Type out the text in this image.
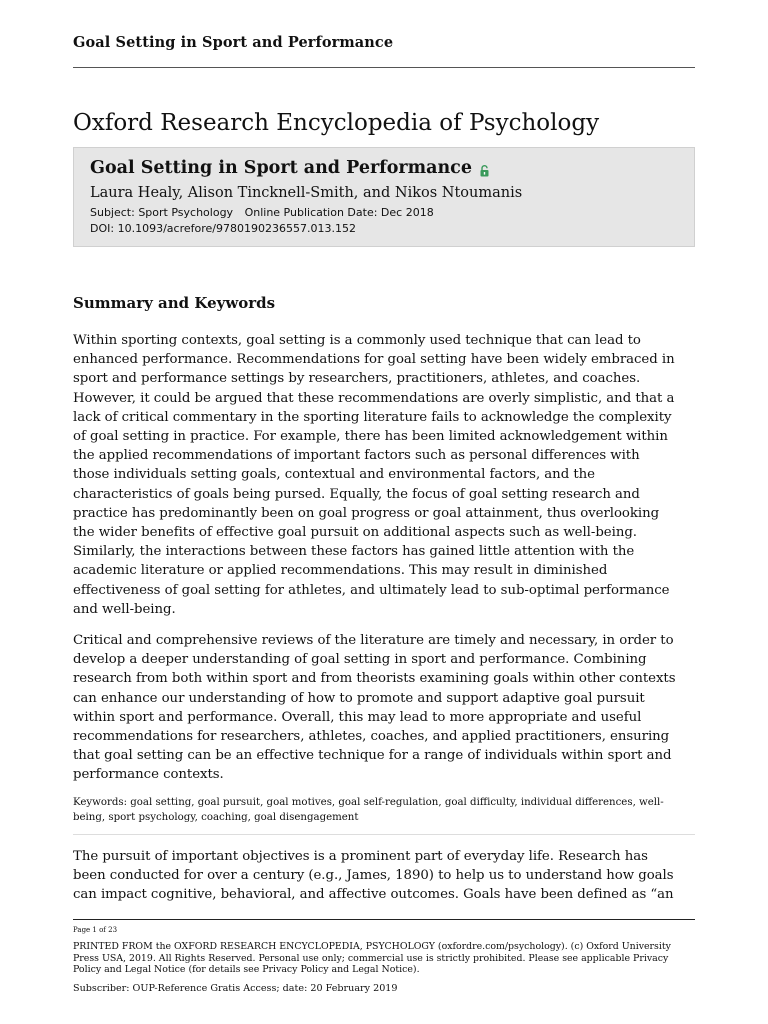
Goal Setting in Sport and Performance
Oxford Research Encyclopedia of Psychology
Goal Setting in Sport and Performance
Laura Healy, Alison Tincknell-Smith, and Nikos Ntoumanis
Subject: Sport Psychology Online Publication Date: Dec 2018
DOI: 10.1093/acrefore/9780190236557.013.152
Summary and Keywords
Within sporting contexts, goal setting is a commonly used technique that can lead to
enhanced performance. Recommendations for goal setting have been widely embraced in
sport and performance settings by researchers, practitioners, athletes, and coaches.
However, it could be argued that these recommendations are overly simplistic, and that a
lack of critical commentary in the sporting literature fails to acknowledge the complexity
of goal setting in practice. For example, there has been limited acknowledgement within
the applied recommendations of important factors such as personal differences with
those individuals setting goals, contextual and environmental factors, and the
characteristics of goals being pursed. Equally, the focus of goal setting research and
practice has predominantly been on goal progress or goal attainment, thus overlooking
the wider benefits of effective goal pursuit on additional aspects such as well-being.
Similarly, the interactions between these factors has gained little attention with the
academic literature or applied recommendations. This may result in diminished
effectiveness of goal setting for athletes, and ultimately lead to sub-optimal performance
and well-being.
Critical and comprehensive reviews of the literature are timely and necessary, in order to
develop a deeper understanding of goal setting in sport and performance. Combining
research from both within sport and from theorists examining goals within other contexts
can enhance our understanding of how to promote and support adaptive goal pursuit
within sport and performance. Overall, this may lead to more appropriate and useful
recommendations for researchers, athletes, coaches, and applied practitioners, ensuring
that goal setting can be an effective technique for a range of individuals within sport and
performance contexts.
Keywords: goal setting, goal pursuit, goal motives, goal self-regulation, goal difficulty, individual differences, well-
being, sport psychology, coaching, goal disengagement
The pursuit of important objectives is a prominent part of everyday life. Research has
been conducted for over a century (e.g., James, 1890) to help us to understand how goals
can impact cognitive, behavioral, and affective outcomes. Goals have been defined as “an
Page 1 of 23
PRINTED FROM the OXFORD RESEARCH ENCYCLOPEDIA, PSYCHOLOGY (oxfordre.com/psychology). (c) Oxford University
Press USA, 2019. All Rights Reserved. Personal use only; commercial use is strictly prohibited. Please see applicable Privacy
Policy and Legal Notice (for details see Privacy Policy and Legal Notice).
Subscriber: OUP-Reference Gratis Access; date: 20 February 2019
